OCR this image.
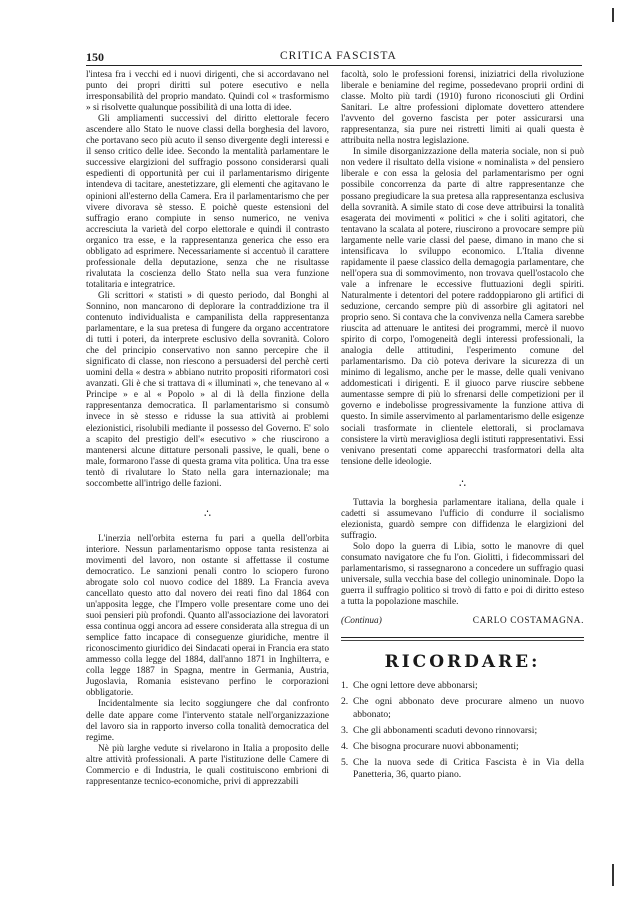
150	CRITICA FASCISTA

l'intesa fra i vecchi ed i nuovi dirigenti, che si accordavano nel punto dei propri diritti sul potere esecutivo e nella irresponsabilità del proprio mandato. Quindi col « trasformismo » si risolvette qualunque possibilità di una lotta di idee.

Gli ampliamenti successivi del diritto elettorale fecero ascendere allo Stato le nuove classi della borghesia del lavoro, che portavano seco più acuto il senso divergente degli interessi e il senso critico delle idee. Secondo la mentalità parlamentare le successive elargizioni del suffragio possono considerarsi quali espedienti di opportunità per cui il parlamentarismo dirigente intendeva di tacitare, anestetizzare, gli elementi che agitavano le opinioni all'esterno della Camera. Era il parlamentarismo che per vivere divorava sè stesso. E poichè queste estensioni del suffragio erano compiute in senso numerico, ne veniva accresciuta la varietà del corpo elettorale e quindi il contrasto organico tra esse, e la rappresentanza generica che esso era obbligato ad esprimere. Necessariamente si accentuò il carattere professionale della deputazione, senza che ne risultasse rivalutata la coscienza dello Stato nella sua vera funzione totalitaria e integratrice.

Gli scrittori « statisti » di questo periodo, dal Bonghi al Sonnino, non mancarono di deplorare la contraddizione tra il contenuto individualista e campanilista della rappresentanza parlamentare, e la sua pretesa di fungere da organo accentratore di tutti i poteri, da interprete esclusivo della sovranità. Coloro che del principio conservativo non sanno percepire che il significato di classe, non riescono a persuadersi del perchè certi uomini della « destra » abbiano nutrito propositi riformatori così avanzati. Gli è che si trattava di « illuminati », che tenevano al « Principe » e al « Popolo » al di là della finzione della rappresentanza democratica. Il parlamentarismo si consumò invece in sè stesso e ridusse la sua attività ai problemi elezionistici, risolubili mediante il possesso del Governo. E' solo a scapito del prestigio dell'« esecutivo » che riuscirono a mantenersi alcune dittature personali passive, le quali, bene o male, formarono l'asse di questa grama vita politica. Una tra esse tentò di rivalutare lo Stato nella gara internazionale; ma soccombette all'intrigo delle fazioni.

∴

L'inerzia nell'orbita esterna fu pari a quella dell'orbita interiore. Nessun parlamentarismo oppose tanta resistenza ai movimenti del lavoro, non ostante si affettasse il costume democratico. Le sanzioni penali contro lo sciopero furono abrogate solo col nuovo codice del 1889. La Francia aveva cancellato questo atto dal novero dei reati fino dal 1864 con un'apposita legge, che l'Impero volle presentare come uno dei suoi pensieri più profondi. Quanto all'associazione dei lavoratori essa continua oggi ancora ad essere considerata alla stregua di un semplice fatto incapace di conseguenze giuridiche, mentre il riconoscimento giuridico dei Sindacati operai in Francia era stato ammesso colla legge del 1884, dall'anno 1871 in Inghilterra, e colla legge 1887 in Spagna, mentre in Germania, Austria, Jugoslavia, Romania esistevano perfino le corporazioni obbligatorie.

Incidentalmente sia lecito soggiungere che dal confronto delle date appare come l'intervento statale nell'organizzazione del lavoro sia in rapporto inverso colla tonalità democratica del regime.

Nè più larghe vedute si rivelarono in Italia a proposito delle altre attività professionali. A parte l'istituzione delle Camere di Commercio e di Industria, le quali costituiscono embrioni di rappresentanze tecnico-economiche, privi di apprezzabili

facoltà, solo le professioni forensi, iniziatrici della rivoluzione liberale e beniamine del regime, possedevano proprii ordini di classe. Molto più tardi (1910) furono riconosciuti gli Ordini Sanitari. Le altre professioni diplomate dovettero attendere l'avvento del governo fascista per poter assicurarsi una rappresentanza, sia pure nei ristretti limiti ai quali questa è attribuita nella nostra legislazione.

In simile disorganizzazione della materia sociale, non si può non vedere il risultato della visione « nominalista » del pensiero liberale e con essa la gelosia del parlamentarismo per ogni possibile concorrenza da parte di altre rappresentanze che possano pregiudicare la sua pretesa alla rappresentanza esclusiva della sovranità. A simile stato di cose deve attribuirsi la tonalità esagerata dei movimenti « politici » che i soliti agitatori, che tentavano la scalata al potere, riuscirono a provocare sempre più largamente nelle varie classi del paese, dimano in mano che si intensificava lo sviluppo economico. L'Italia divenne rapidamente il paese classico della demagogia parlamentare, che nell'opera sua di sommovimento, non trovava quell'ostacolo che vale a infrenare le eccessive fluttuazioni degli spiriti. Naturalmente i detentori del potere raddoppiarono gli artifici di seduzione, cercando sempre più di assorbire gli agitatori nel proprio seno. Si contava che la convivenza nella Camera sarebbe riuscita ad attenuare le antitesi dei programmi, mercè il nuovo spirito di corpo, l'omogeneità degli interessi professionali, la analogia delle attitudini, l'esperimento comune del parlamentarismo. Da ciò poteva derivare la sicurezza di un minimo di legalismo, anche per le masse, delle quali venivano addomesticati i dirigenti. E il giuoco parve riuscire sebbene aumentasse sempre di più lo sfrenarsi delle competizioni per il governo e indebolisse progressivamente la funzione attiva di questo. In simile asservimento al parlamentarismo delle esigenze sociali trasformate in clientele elettorali, si proclamava consistere la virtù meravigliosa degli istituti rappresentativi. Essi venivano presentati come apparecchi trasformatori della alta tensione delle ideologie.

∴

Tuttavia la borghesia parlamentare italiana, della quale i cadetti si assumevano l'ufficio di condurre il socialismo elezionista, guardò sempre con diffidenza le elargizioni del suffragio.

Solo dopo la guerra di Libia, sotto le manovre di quel consumato navigatore che fu l'on. Giolitti, i fidecommissari del parlamentarismo, si rassegnarono a concedere un suffragio quasi universale, sulla vecchia base del collegio uninominale. Dopo la guerra il suffragio politico si trovò di fatto e poi di diritto esteso a tutta la popolazione maschile.

(Continua)	CARLO COSTAMAGNA.
RICORDARE:
1. Che ogni lettore deve abbonarsi;
2. Che ogni abbonato deve procurare almeno un nuovo abbonato;
3. Che gli abbonamenti scaduti devono rinnovarsi;
4. Che bisogna procurare nuovi abbonamenti;
5. Che la nuova sede di Critica Fascista è in Via della Panetteria, 36, quarto piano.
